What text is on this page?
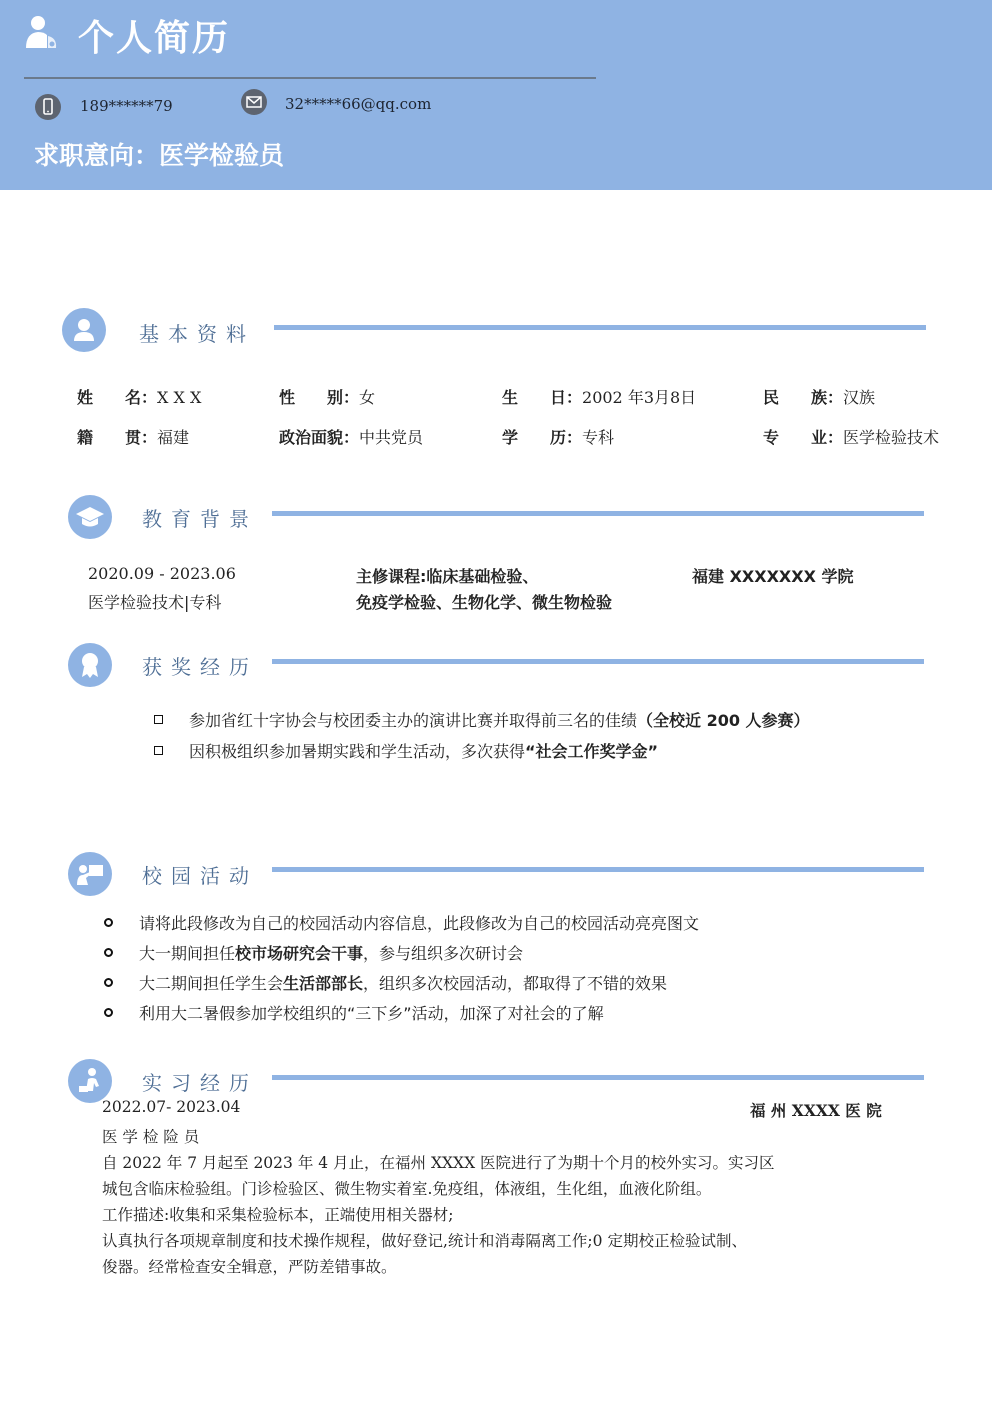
个人简历
189******79	32*****66@qq.com
求职意向：医学检验员
基本资料
姓　　名：X X X	性　　别：女	生　　日：2002 年3月8日	民　　族：汉族
籍　　贯：福建	政治面貌：中共党员	学　　历：专科	专　　业：医学检验技术
教育背景
2020.09 - 2023.06
医学检验技术|专科
主修课程:临床基础检验、
免疫学检验、生物化学、微生物检验
福建 XXXXXXX 学院
获奖经历
参加省红十字协会与校团委主办的演讲比赛并取得前三名的佳绩（全校近 200 人参赛）
因积极组织参加暑期实践和学生活动，多次获得“社会工作奖学金”
校园活动
请将此段修改为自己的校园活动内容信息，此段修改为自己的校园活动亮亮图文
大一期间担任校市场研究会干事，参与组织多次研讨会
大二期间担任学生会生活部部长，组织多次校园活动，都取得了不错的效果
利用大二暑假参加学校组织的“三下乡”活动，加深了对社会的了解
实习经历
2022.07- 2023.04	福 州 XXXX 医 院
医 学 检 险 员
自 2022 年 7 月起至 2023 年 4 月止，在福州 XXXX 医院进行了为期十个月的校外实习。实习区
城包含临床检验组。门诊检验区、微生物实着室.免疫组，体液组，生化组，血液化阶组。
工作描述:收集和采集检验标本，正端使用相关器材;
认真执行各项规章制度和技术操作规程，做好登记,统计和消毒隔离工作;0 定期校正检验试制、
俊器。经常检查安全辑意，严防差错事故。
